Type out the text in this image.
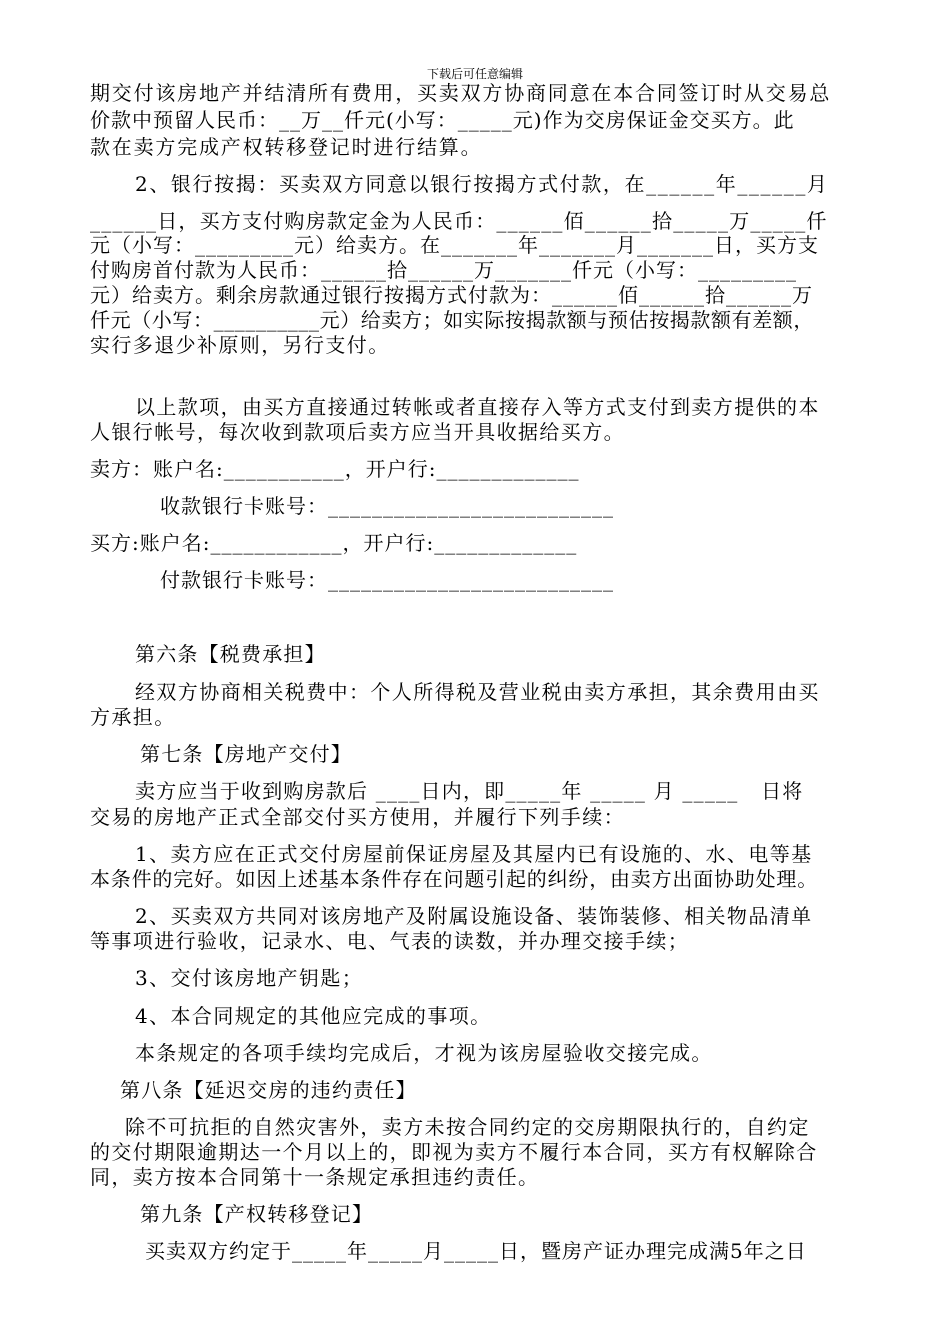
下载后可任意编辑
期交付该房地产并结清所有费用，买卖双方协商同意在本合同签订时从交易总
价款中预留人民币：__万__仟元(小写：_____元)作为交房保证金交买方。此
款在卖方完成产权转移登记时进行结算。
2、银行按揭：买卖双方同意以银行按揭方式付款，在______年______月
______日，买方支付购房款定金为人民币：______佰______拾_____万_____仟
元（小写：_________元）给卖方。在_______年_______月_______日，买方支
付购房首付款为人民币：______拾______万_______仟元（小写：_________
元）给卖方。剩余房款通过银行按揭方式付款为：______佰______拾______万
仟元（小写：__________元）给卖方；如实际按揭款额与预估按揭款额有差额，
实行多退少补原则，另行支付。
以上款项，由买方直接通过转帐或者直接存入等方式支付到卖方提供的本
人银行帐号，每次收到款项后卖方应当开具收据给买方。
卖方：账户名:___________，开户行:_____________
收款银行卡账号：__________________________
买方:账户名:____________，开户行:_____________
付款银行卡账号：__________________________
第六条【税费承担】
经双方协商相关税费中：个人所得税及营业税由卖方承担，其余费用由买
方承担。
第七条【房地产交付】
卖方应当于收到购房款后 ____日内，即_____年 _____ 月 _____   日将
交易的房地产正式全部交付买方使用，并履行下列手续：
1、卖方应在正式交付房屋前保证房屋及其屋内已有设施的、水、电等基
本条件的完好。如因上述基本条件存在问题引起的纠纷，由卖方出面协助处理。
2、买卖双方共同对该房地产及附属设施设备、装饰装修、相关物品清单
等事项进行验收，记录水、电、气表的读数，并办理交接手续；
3、交付该房地产钥匙；
4、本合同规定的其他应完成的事项。
本条规定的各项手续均完成后，才视为该房屋验收交接完成。
第八条【延迟交房的违约责任】
除不可抗拒的自然灾害外，卖方未按合同约定的交房期限执行的，自约定
的交付期限逾期达一个月以上的，即视为卖方不履行本合同，买方有权解除合
同，卖方按本合同第十一条规定承担违约责任。
第九条【产权转移登记】
买卖双方约定于_____年_____月_____日，暨房产证办理完成满5年之日
